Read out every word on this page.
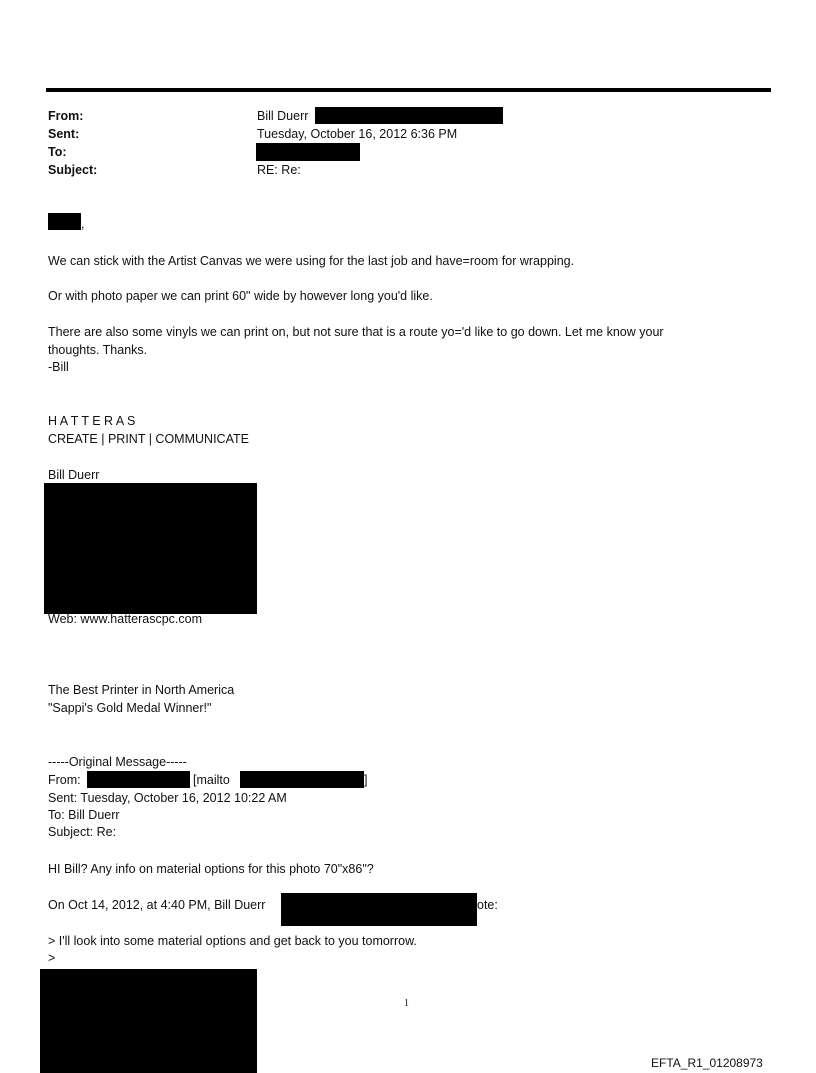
From:	Bill Duerr
Sent:	Tuesday, October 16, 2012 6:36 PM
To:
Subject:	RE: Re:
,
We can stick with the Artist Canvas we were using for the last job and have=room for wrapping.
Or with photo paper we can print 60" wide by however long you'd like.
There are also some vinyls we can print on, but not sure that is a route yo='d like to go down. Let me know your
thoughts. Thanks.
-Bill
H A T T E R A S
CREATE | PRINT | COMMUNICATE
Bill Duerr
Web: www.hatterascpc.com
The Best Printer in North America
"Sappi's Gold Medal Winner!"
-----Original Message-----
From:	[mailto	]
Sent: Tuesday, October 16, 2012 10:22 AM
To: Bill Duerr
Subject: Re:
HI Bill? Any info on material options for this photo 70"x86"?
On Oct 14, 2012, at 4:40 PM, Bill Duerr	ote:
> I'll look into some material options and get back to you tomorrow.
>
1
EFTA_R1_01208973
